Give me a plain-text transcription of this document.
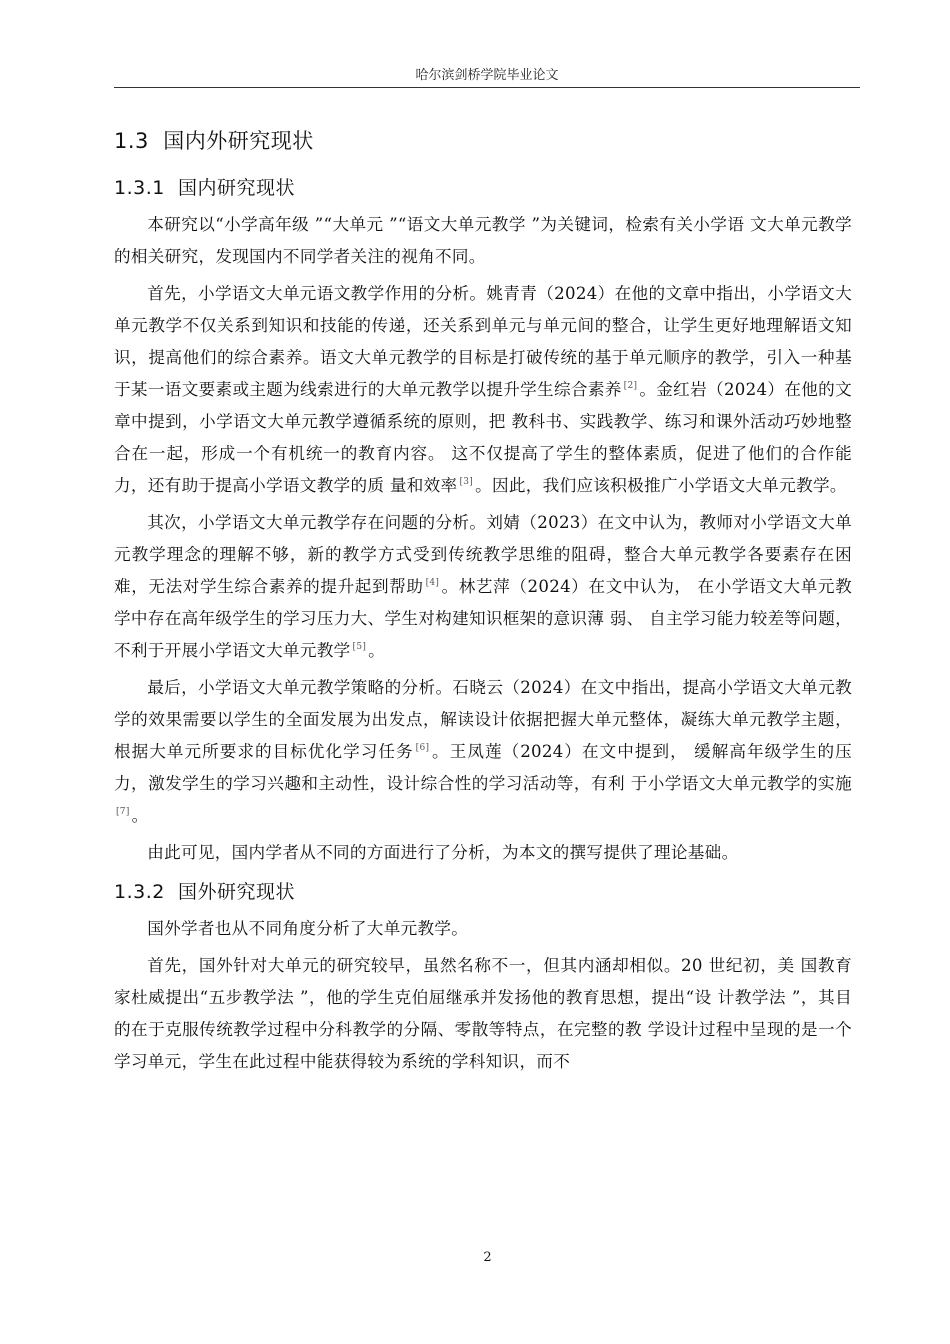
哈尔滨剑桥学院毕业论文
1.3 国内外研究现状
1.3.1 国内研究现状

本研究以“小学高年级 ”“大单元 ”“语文大单元教学 ”为关键词，检索有关小学语 文大单元教学的相关研究，发现国内不同学者关注的视角不同。

首先，小学语文大单元语文教学作用的分析。姚青青（2024）在他的文章中指出，小学语文大单元教学不仅关系到知识和技能的传递，还关系到单元与单元间的整合，让学生更好地理解语文知识，提高他们的综合素养。语文大单元教学的目标是打破传统的基于单元顺序的教学，引入一种基于某一语文要素或主题为线索进行的大单元教学以提升学生综合素养 [2] 。金红岩（2024）在他的文章中提到，小学语文大单元教学遵循系统的原则，把 教科书、实践教学、练习和课外活动巧妙地整合在一起，形成一个有机统一的教育内容。 这不仅提高了学生的整体素质，促进了他们的合作能力，还有助于提高小学语文教学的质 量和效率 [3] 。因此，我们应该积极推广小学语文大单元教学。

其次，小学语文大单元教学存在问题的分析。刘婧（2023）在文中认为，教师对小学语文大单元教学理念的理解不够，新的教学方式受到传统教学思维的阻碍，整合大单元教学各要素存在困难，无法对学生综合素养的提升起到帮助 [4] 。林艺萍（2024）在文中认为， 在小学语文大单元教学中存在高年级学生的学习压力大、学生对构建知识框架的意识薄 弱、 自主学习能力较差等问题，不利于开展小学语文大单元教学 [5] 。

最后，小学语文大单元教学策略的分析。石晓云（2024）在文中指出，提高小学语文大单元教学的效果需要以学生的全面发展为出发点，解读设计依据把握大单元整体，凝练大单元教学主题，根据大单元所要求的目标优化学习任务 [6] 。王凤莲（2024）在文中提到， 缓解高年级学生的压力，激发学生的学习兴趣和主动性，设计综合性的学习活动等，有利 于小学语文大单元教学的实施[7] 。

由此可见，国内学者从不同的方面进行了分析，为本文的撰写提供了理论基础。

1.3.2 国外研究现状

国外学者也从不同角度分析了大单元教学。

首先，国外针对大单元的研究较早，虽然名称不一，但其内涵却相似。20 世纪初，美 国教育家杜威提出“五步教学法 ”，他的学生克伯屈继承并发扬他的教育思想，提出“设 计教学法 ”，其目的在于克服传统教学过程中分科教学的分隔、零散等特点，在完整的教 学设计过程中呈现的是一个学习单元，学生在此过程中能获得较为系统的学科知识，而不

2
